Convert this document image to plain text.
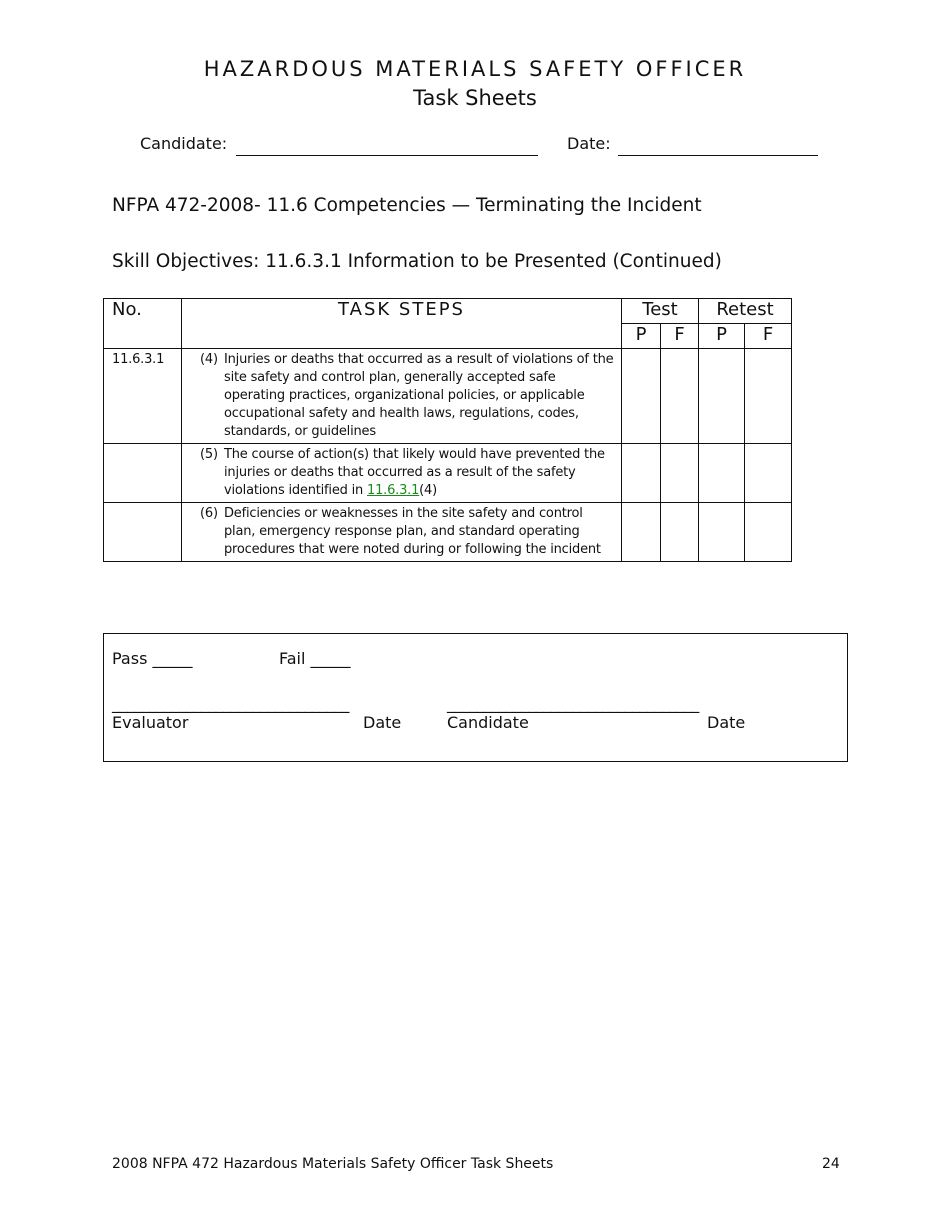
HAZARDOUS MATERIALS SAFETY OFFICER
Task Sheets
Candidate:	Date:
NFPA 472-2008- 11.6 Competencies — Terminating the Incident
Skill Objectives: 11.6.3.1 Information to be Presented (Continued)
No.	TASK STEPS	Test		Retest	
		P	F	P	F
11.6.3.1	(4) Injuries or deaths that occurred as a result of violations of the site safety and control plan, generally accepted safe operating practices, organizational policies, or applicable occupational safety and health laws, regulations, codes, standards, or guidelines				

	(5) The course of action(s) that likely would have prevented the injuries or deaths that occurred as a result of the safety violations identified in 11.6.3.1(4)				

	(6) Deficiencies or weaknesses in the site safety and control plan, emergency response plan, and standard operating procedures that were noted during or following the incident				

Pass _____	Fail _____
________________________________	__________________________________
Evaluator	Date	Candidate	Date
2008 NFPA 472 Hazardous Materials Safety Officer Task Sheets	24
